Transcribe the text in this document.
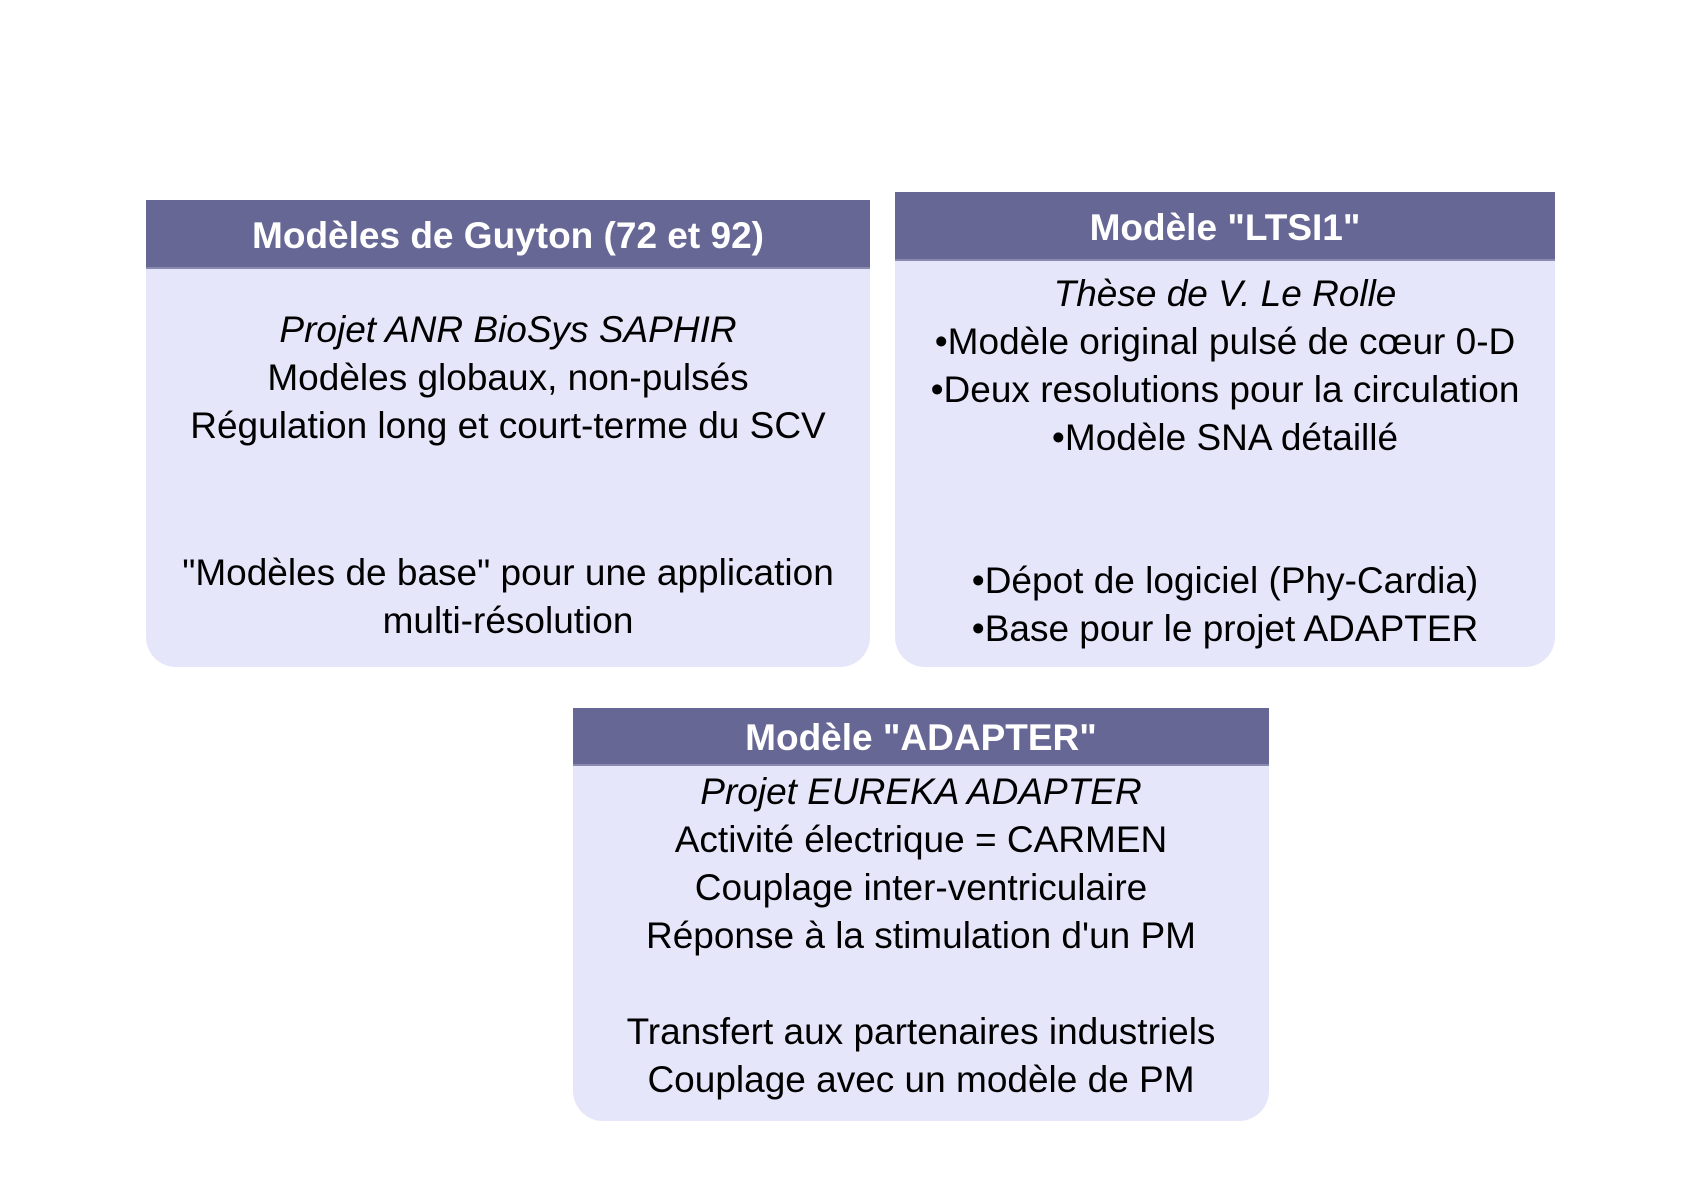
Modèles de Guyton (72 et 92)
Projet ANR BioSys SAPHIR
Modèles globaux, non-pulsés
Régulation long et court-terme du SCV
"Modèles de base" pour une application
multi-résolution
Modèle "LTSI1"
Thèse de V. Le Rolle
•Modèle original pulsé de cœur 0-D
•Deux resolutions pour la circulation
•Modèle SNA détaillé
•Dépot de logiciel (Phy-Cardia)
•Base pour le projet ADAPTER
Modèle "ADAPTER"
Projet EUREKA ADAPTER
Activité électrique = CARMEN
Couplage inter-ventriculaire
Réponse à la stimulation d'un PM
Transfert aux partenaires industriels
Couplage avec un modèle de PM
